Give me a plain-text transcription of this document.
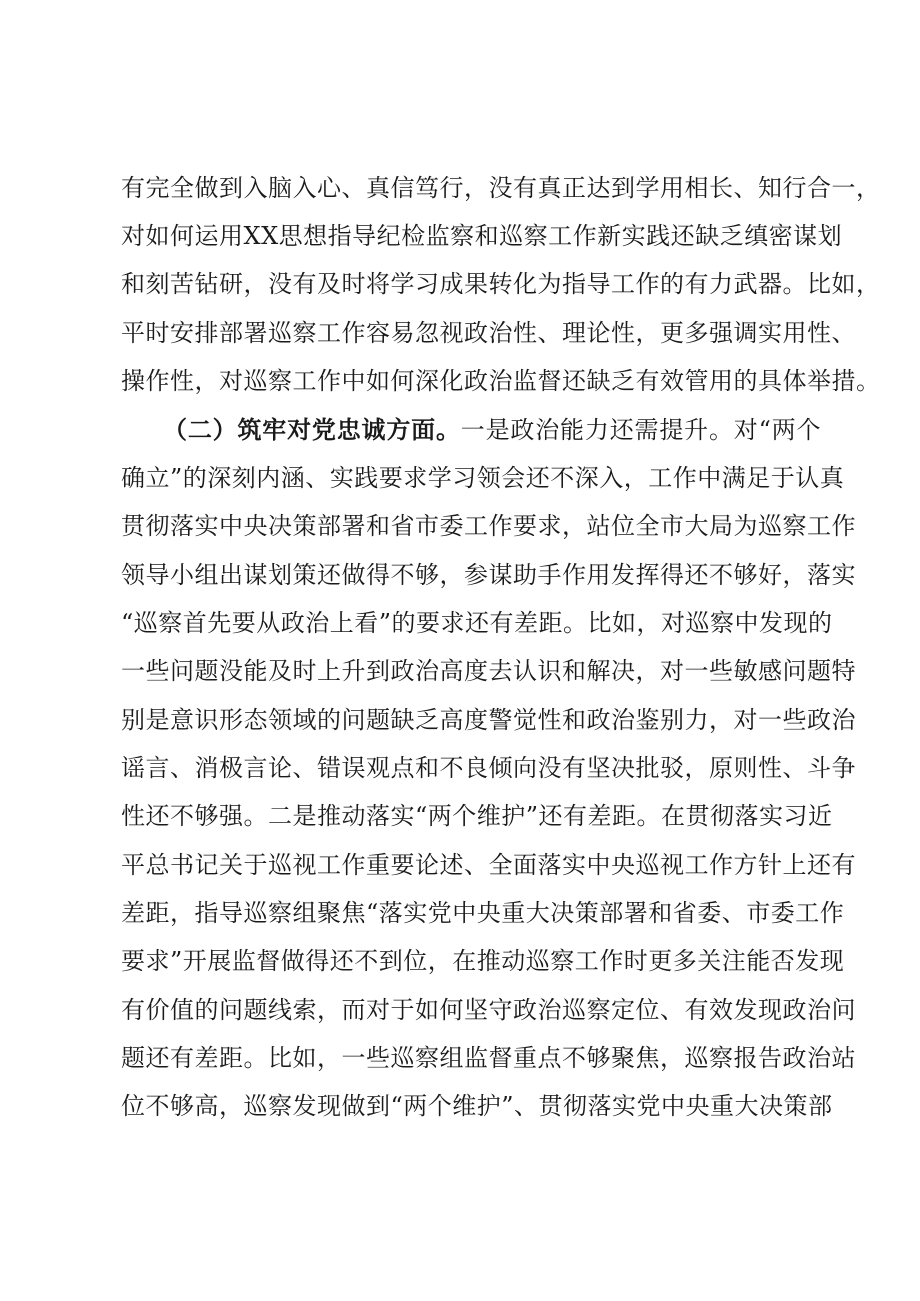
有完全做到入脑入心、真信笃行，没有真正达到学用相长、知行合一，
对如何运用XX思想指导纪检监察和巡察工作新实践还缺乏缜密谋划
和刻苦钻研，没有及时将学习成果转化为指导工作的有力武器。比如，
平时安排部署巡察工作容易忽视政治性、理论性，更多强调实用性、
操作性，对巡察工作中如何深化政治监督还缺乏有效管用的具体举措。
（二）筑牢对党忠诚方面。一是政治能力还需提升。对“两个
确立”的深刻内涵、实践要求学习领会还不深入，工作中满足于认真
贯彻落实中央决策部署和省市委工作要求，站位全市大局为巡察工作
领导小组出谋划策还做得不够，参谋助手作用发挥得还不够好，落实
“巡察首先要从政治上看”的要求还有差距。比如，对巡察中发现的
一些问题没能及时上升到政治高度去认识和解决，对一些敏感问题特
别是意识形态领域的问题缺乏高度警觉性和政治鉴别力，对一些政治
谣言、消极言论、错误观点和不良倾向没有坚决批驳，原则性、斗争
性还不够强。二是推动落实“两个维护”还有差距。在贯彻落实习近
平总书记关于巡视工作重要论述、全面落实中央巡视工作方针上还有
差距，指导巡察组聚焦“落实党中央重大决策部署和省委、市委工作
要求”开展监督做得还不到位，在推动巡察工作时更多关注能否发现
有价值的问题线索，而对于如何坚守政治巡察定位、有效发现政治问
题还有差距。比如，一些巡察组监督重点不够聚焦，巡察报告政治站
位不够高，巡察发现做到“两个维护”、贯彻落实党中央重大决策部
